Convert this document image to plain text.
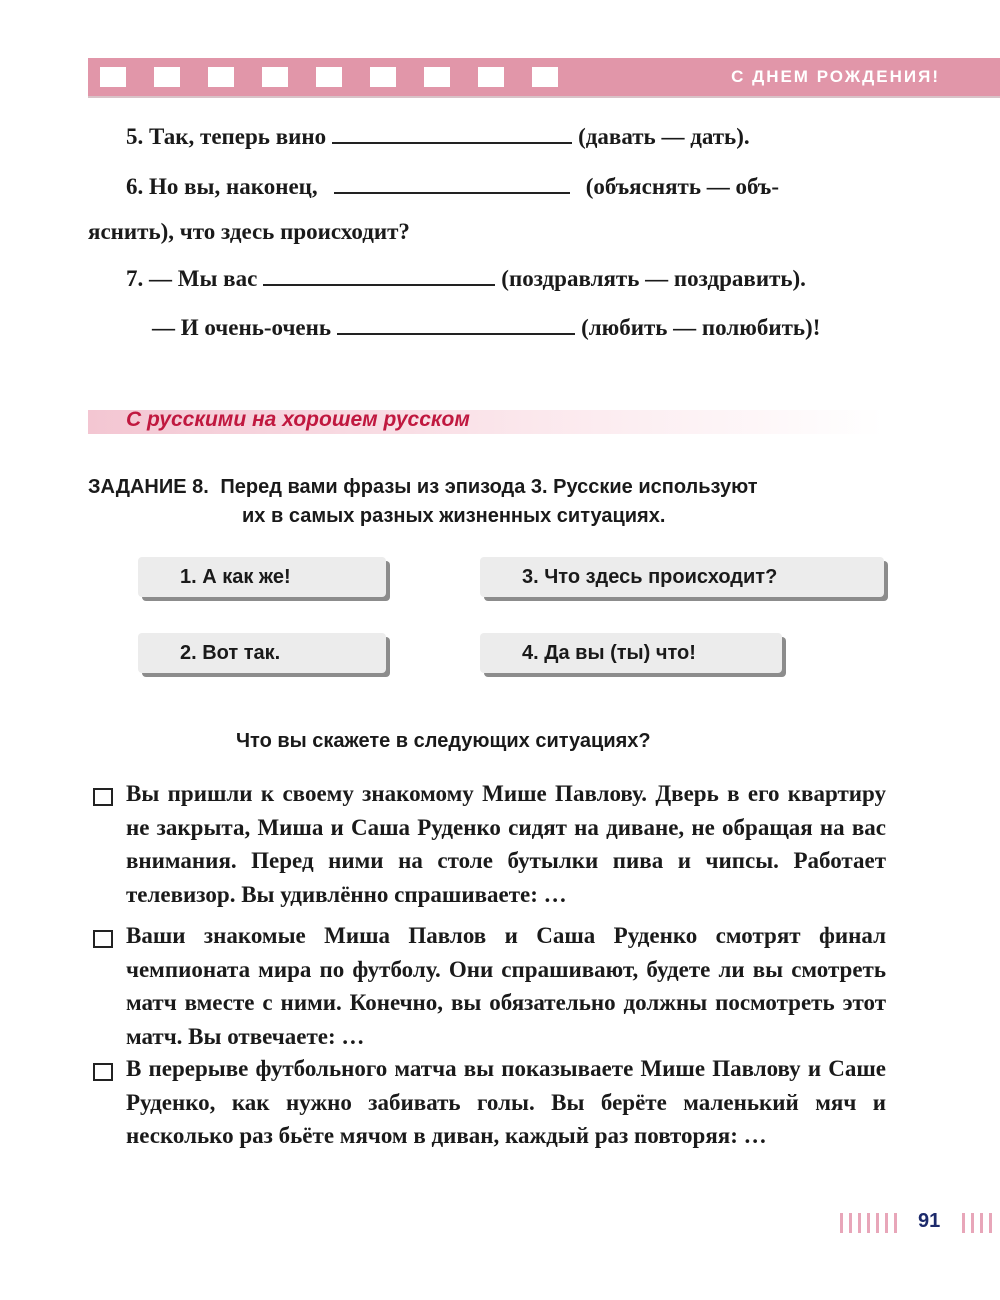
С ДНЕМ РОЖДЕНИЯ!
5. Так, теперь вино	(давать — дать).
6. Но вы, наконец,	(объяснять — объ-
яснить), что здесь происходит?
7. — Мы вас	(поздравлять — поздравить).
— И очень-очень	(любить — полюбить)!
С русскими на хорошем русском
ЗАДАНИЕ 8. Перед вами фразы из эпизода 3. Русские используют
их в самых разных жизненных ситуациях.
1. А как же!	3. Что здесь происходит?
2. Вот так.	4. Да вы (ты) что!
Что вы скажете в следующих ситуациях?
Вы пришли к своему знакомому Мише Павлову. Дверь в его квартиру не закрыта, Миша и Саша Руденко сидят на диване, не обращая на вас внимания. Перед ними на столе бутылки пива и чипсы. Работает телевизор. Вы удивлённо спрашиваете: …
Ваши знакомые Миша Павлов и Саша Руденко смотрят финал чемпионата мира по футболу. Они спрашивают, будете ли вы смотреть матч вместе с ними. Конечно, вы обязательно должны посмотреть этот матч. Вы отвечаете: …
В перерыве футбольного матча вы показываете Мише Павлову и Саше Руденко, как нужно забивать голы. Вы берёте маленький мяч и несколько раз бьёте мячом в диван, каждый раз повторяя: …
91
